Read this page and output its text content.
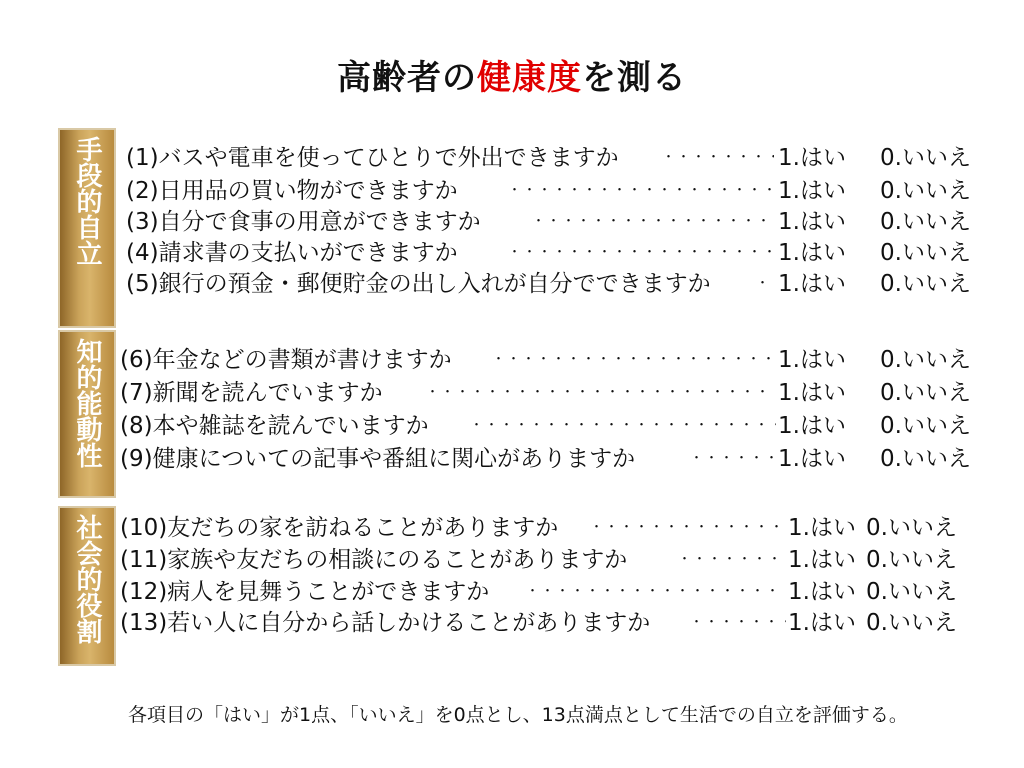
高齢者の健康度を測る
手段的自立 (1)バスや電車を使ってひとりで外出できますか ・・・・・・・・・・・・・・・・・・・・・・・・・・・・・・・・・・・・・・・・・・・・	1.はい 0.いいえ
(2)日用品の買い物ができますか ・・・・・・・・・・・・・・・・・・・・・・・・・・・・・・・・・・・・・・・・・・・・	1.はい 0.いいえ
(3)自分で食事の用意ができますか ・・・・・・・・・・・・・・・・・・・・・・・・・・・・・・・・・・・・・・・・・・・・	1.はい 0.いいえ
(4)請求書の支払いができますか ・・・・・・・・・・・・・・・・・・・・・・・・・・・・・・・・・・・・・・・・・・・・	1.はい 0.いいえ
(5)銀行の預金・郵便貯金の出し入れが自分でできますか ・・・・・・・・・・・・・・・・・・・・・・・・・・・・・・・・・・・・・・・・・・・・	1.はい 0.いいえ
知的能動性 (6)年金などの書類が書けますか ・・・・・・・・・・・・・・・・・・・・・・・・・・・・・・・・・・・・・・・・・・・・	1.はい 0.いいえ
(7)新聞を読んでいますか ・・・・・・・・・・・・・・・・・・・・・・・・・・・・・・・・・・・・・・・・・・・・	1.はい 0.いいえ
(8)本や雑誌を読んでいますか ・・・・・・・・・・・・・・・・・・・・・・・・・・・・・・・・・・・・・・・・・・・・	1.はい 0.いいえ
(9)健康についての記事や番組に関心がありますか ・・・・・・・・・・・・・・・・・・・・・・・・・・・・・・・・・・・・・・・・・・・・	1.はい 0.いいえ
社会的役割 (10)友だちの家を訪ねることがありますか ・・・・・・・・・・・・・・・・・・・・・・・・・・・・・・・・・・・・・・・・・・・・	1.はい 0.いいえ
(11)家族や友だちの相談にのることがありますか ・・・・・・・・・・・・・・・・・・・・・・・・・・・・・・・・・・・・・・・・・・・・	1.はい 0.いいえ
(12)病人を見舞うことができますか ・・・・・・・・・・・・・・・・・・・・・・・・・・・・・・・・・・・・・・・・・・・・	1.はい 0.いいえ
(13)若い人に自分から話しかけることがありますか ・・・・・・・・・・・・・・・・・・・・・・・・・・・・・・・・・・・・・・・・・・・・	1.はい 0.いいえ
各項目の「はい」が1点、「いいえ」を0点とし、13点満点として生活での自立を評価する。
